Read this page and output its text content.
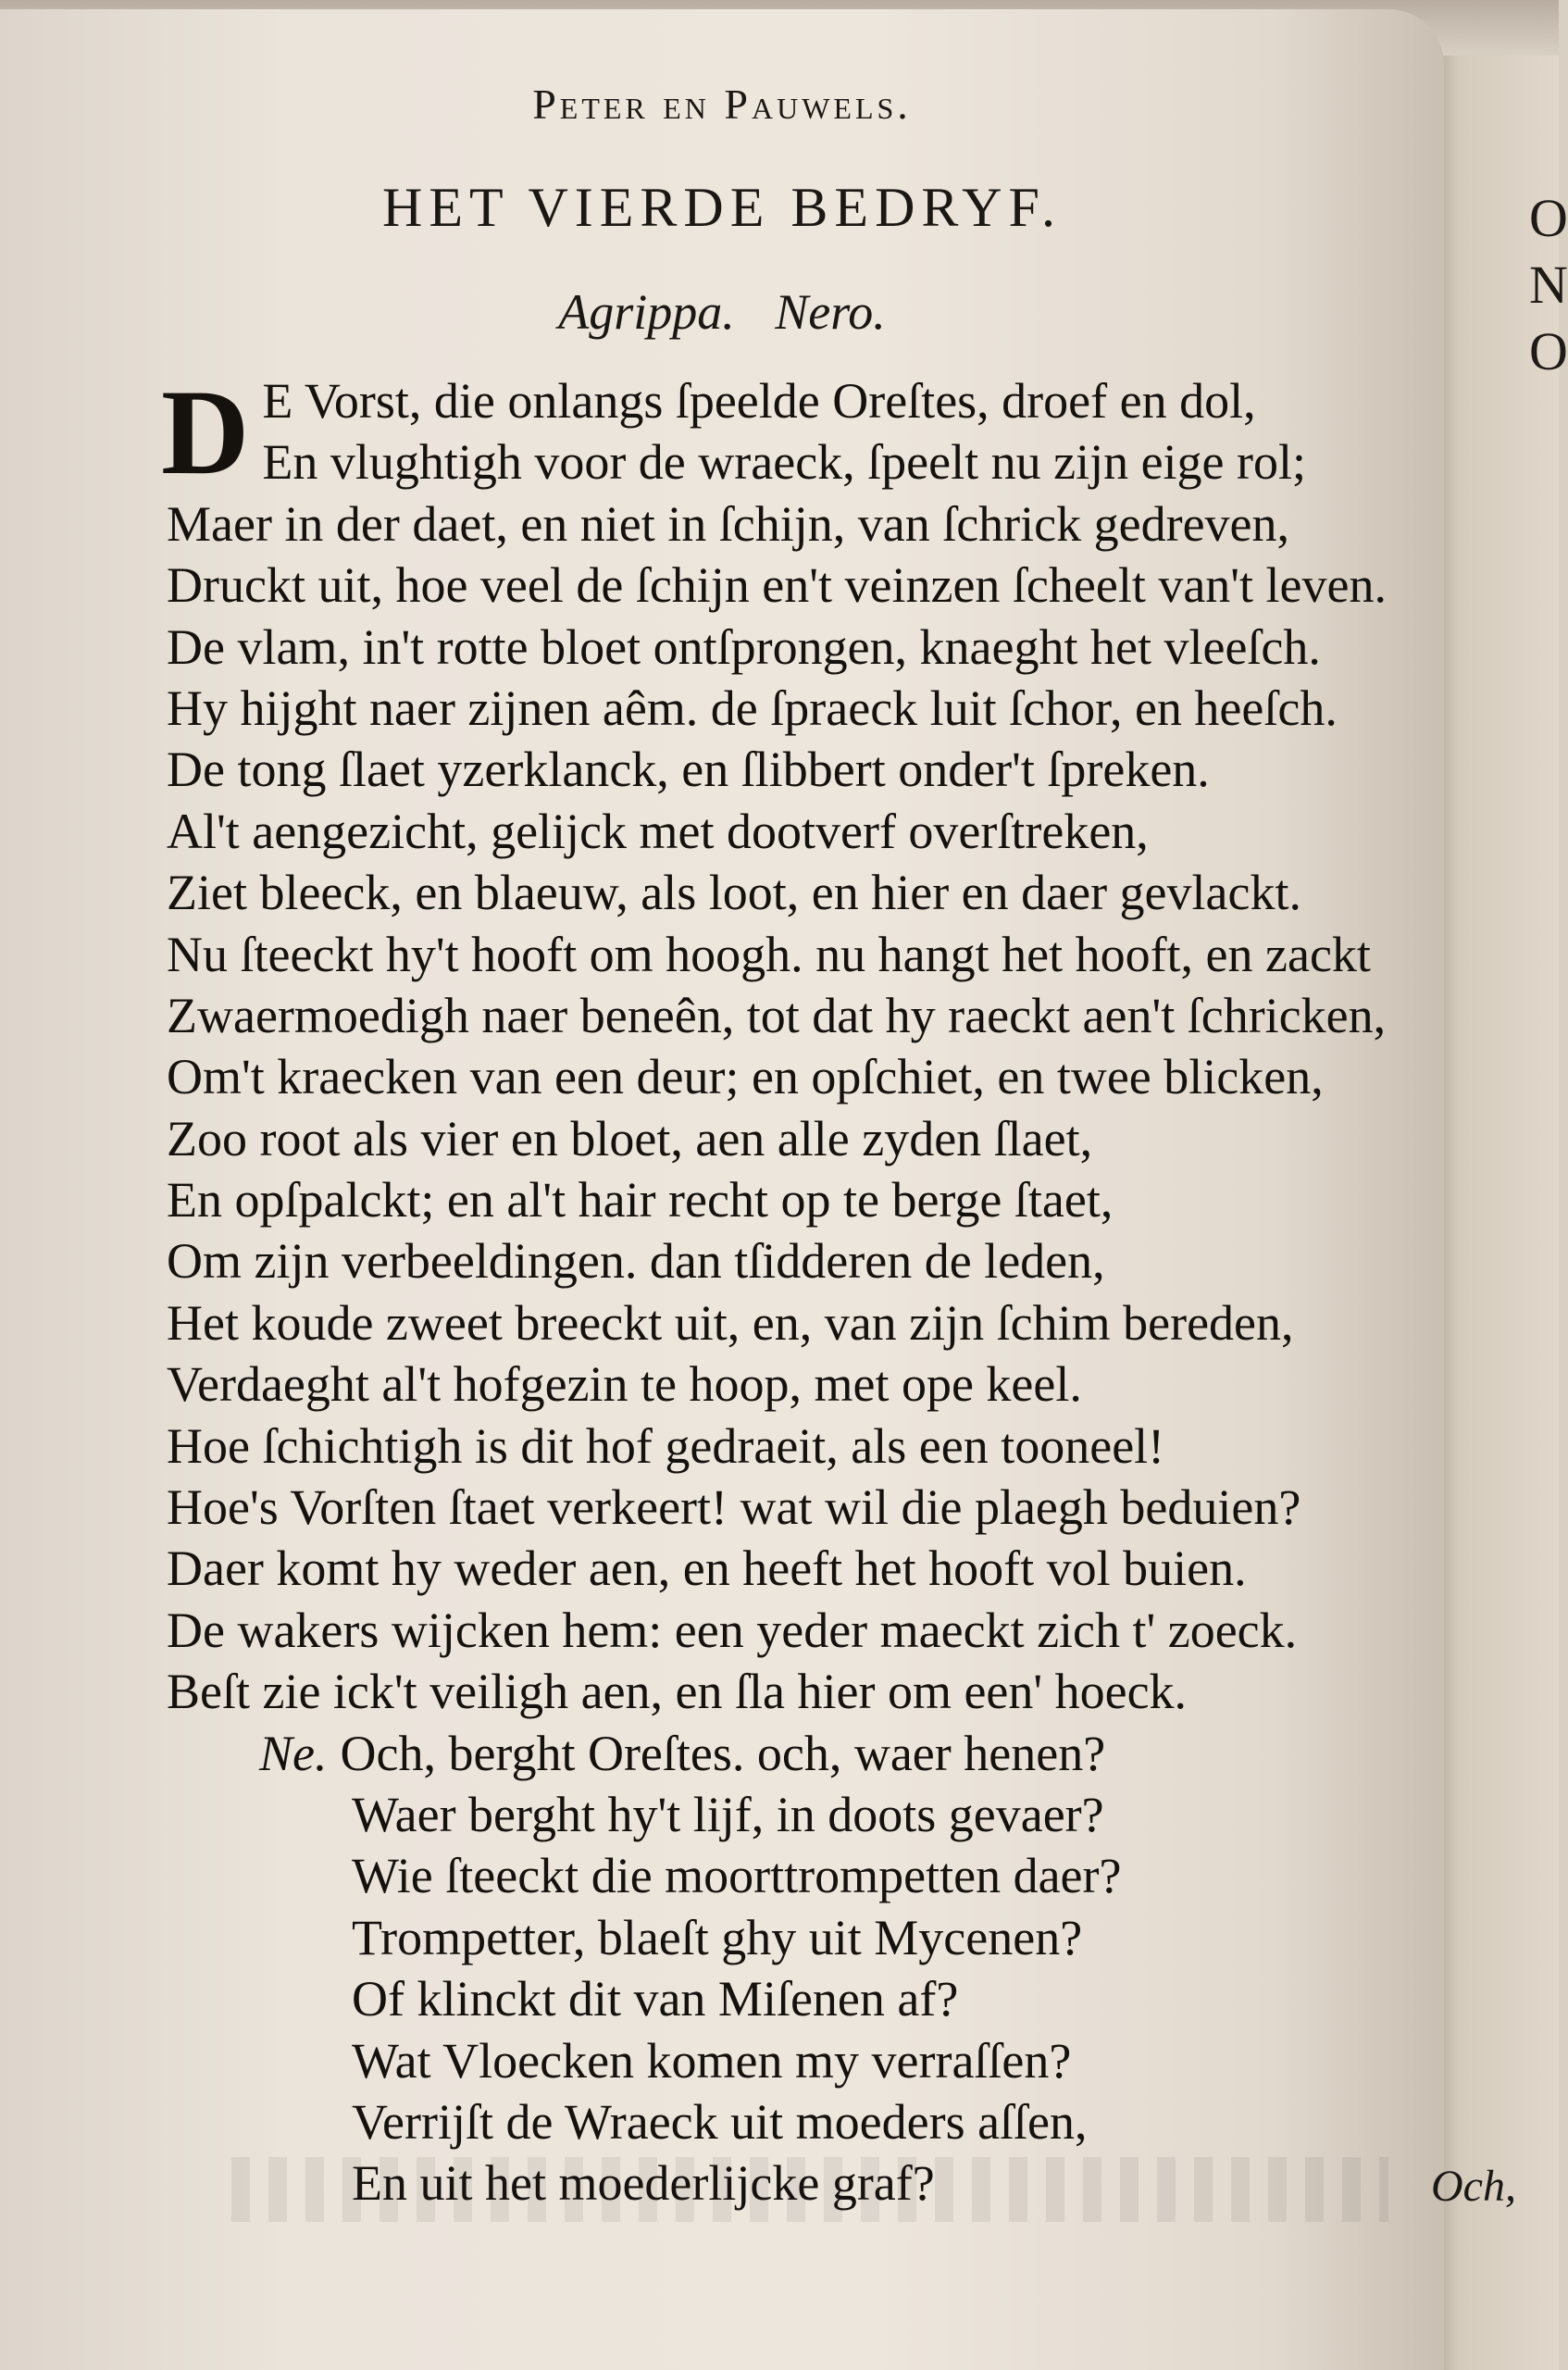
O
N
O
Peter en Pauwels.
HET VIERDE BEDRYF.
Agrippa. Nero.
D E Vorst, die onlangs ſpeelde Oreſtes, droef en dol,
En vlughtigh voor de wraeck, ſpeelt nu zijn eige rol;
Maer in der daet, en niet in ſchijn, van ſchrick gedreven,
Druckt uit, hoe veel de ſchijn en't veinzen ſcheelt van't leven.
De vlam, in't rotte bloet ontſprongen, knaeght het vleeſch.
Hy hijght naer zijnen aêm. de ſpraeck luit ſchor, en heeſch.
De tong ſlaet yzerklanck, en ſlibbert onder't ſpreken.
Al't aengezicht, gelijck met dootverf overſtreken,
Ziet bleeck, en blaeuw, als loot, en hier en daer gevlackt.
Nu ſteeckt hy't hooft om hoogh. nu hangt het hooft, en zackt
Zwaermoedigh naer beneên, tot dat hy raeckt aen't ſchricken,
Om't kraecken van een deur; en opſchiet, en twee blicken,
Zoo root als vier en bloet, aen alle zyden ſlaet,
En opſpalckt; en al't hair recht op te berge ſtaet,
Om zijn verbeeldingen. dan tſidderen de leden,
Het koude zweet breeckt uit, en, van zijn ſchim bereden,
Verdaeght al't hofgezin te hoop, met ope keel.
Hoe ſchichtigh is dit hof gedraeit, als een tooneel!
Hoe's Vorſten ſtaet verkeert! wat wil die plaegh beduien?
Daer komt hy weder aen, en heeft het hooft vol buien.
De wakers wijcken hem: een yeder maeckt zich t' zoeck.
Beſt zie ick't veiligh aen, en ſla hier om een' hoeck.
Ne. Och, berght Oreſtes. och, waer henen?
Waer berght hy't lijf, in doots gevaer?
Wie ſteeckt die moorttrompetten daer?
Trompetter, blaeſt ghy uit Mycenen?
Of klinckt dit van Miſenen af?
Wat Vloecken komen my verraſſen?
Verrijſt de Wraeck uit moeders aſſen,
En uit het moederlijcke graf?	Och,
